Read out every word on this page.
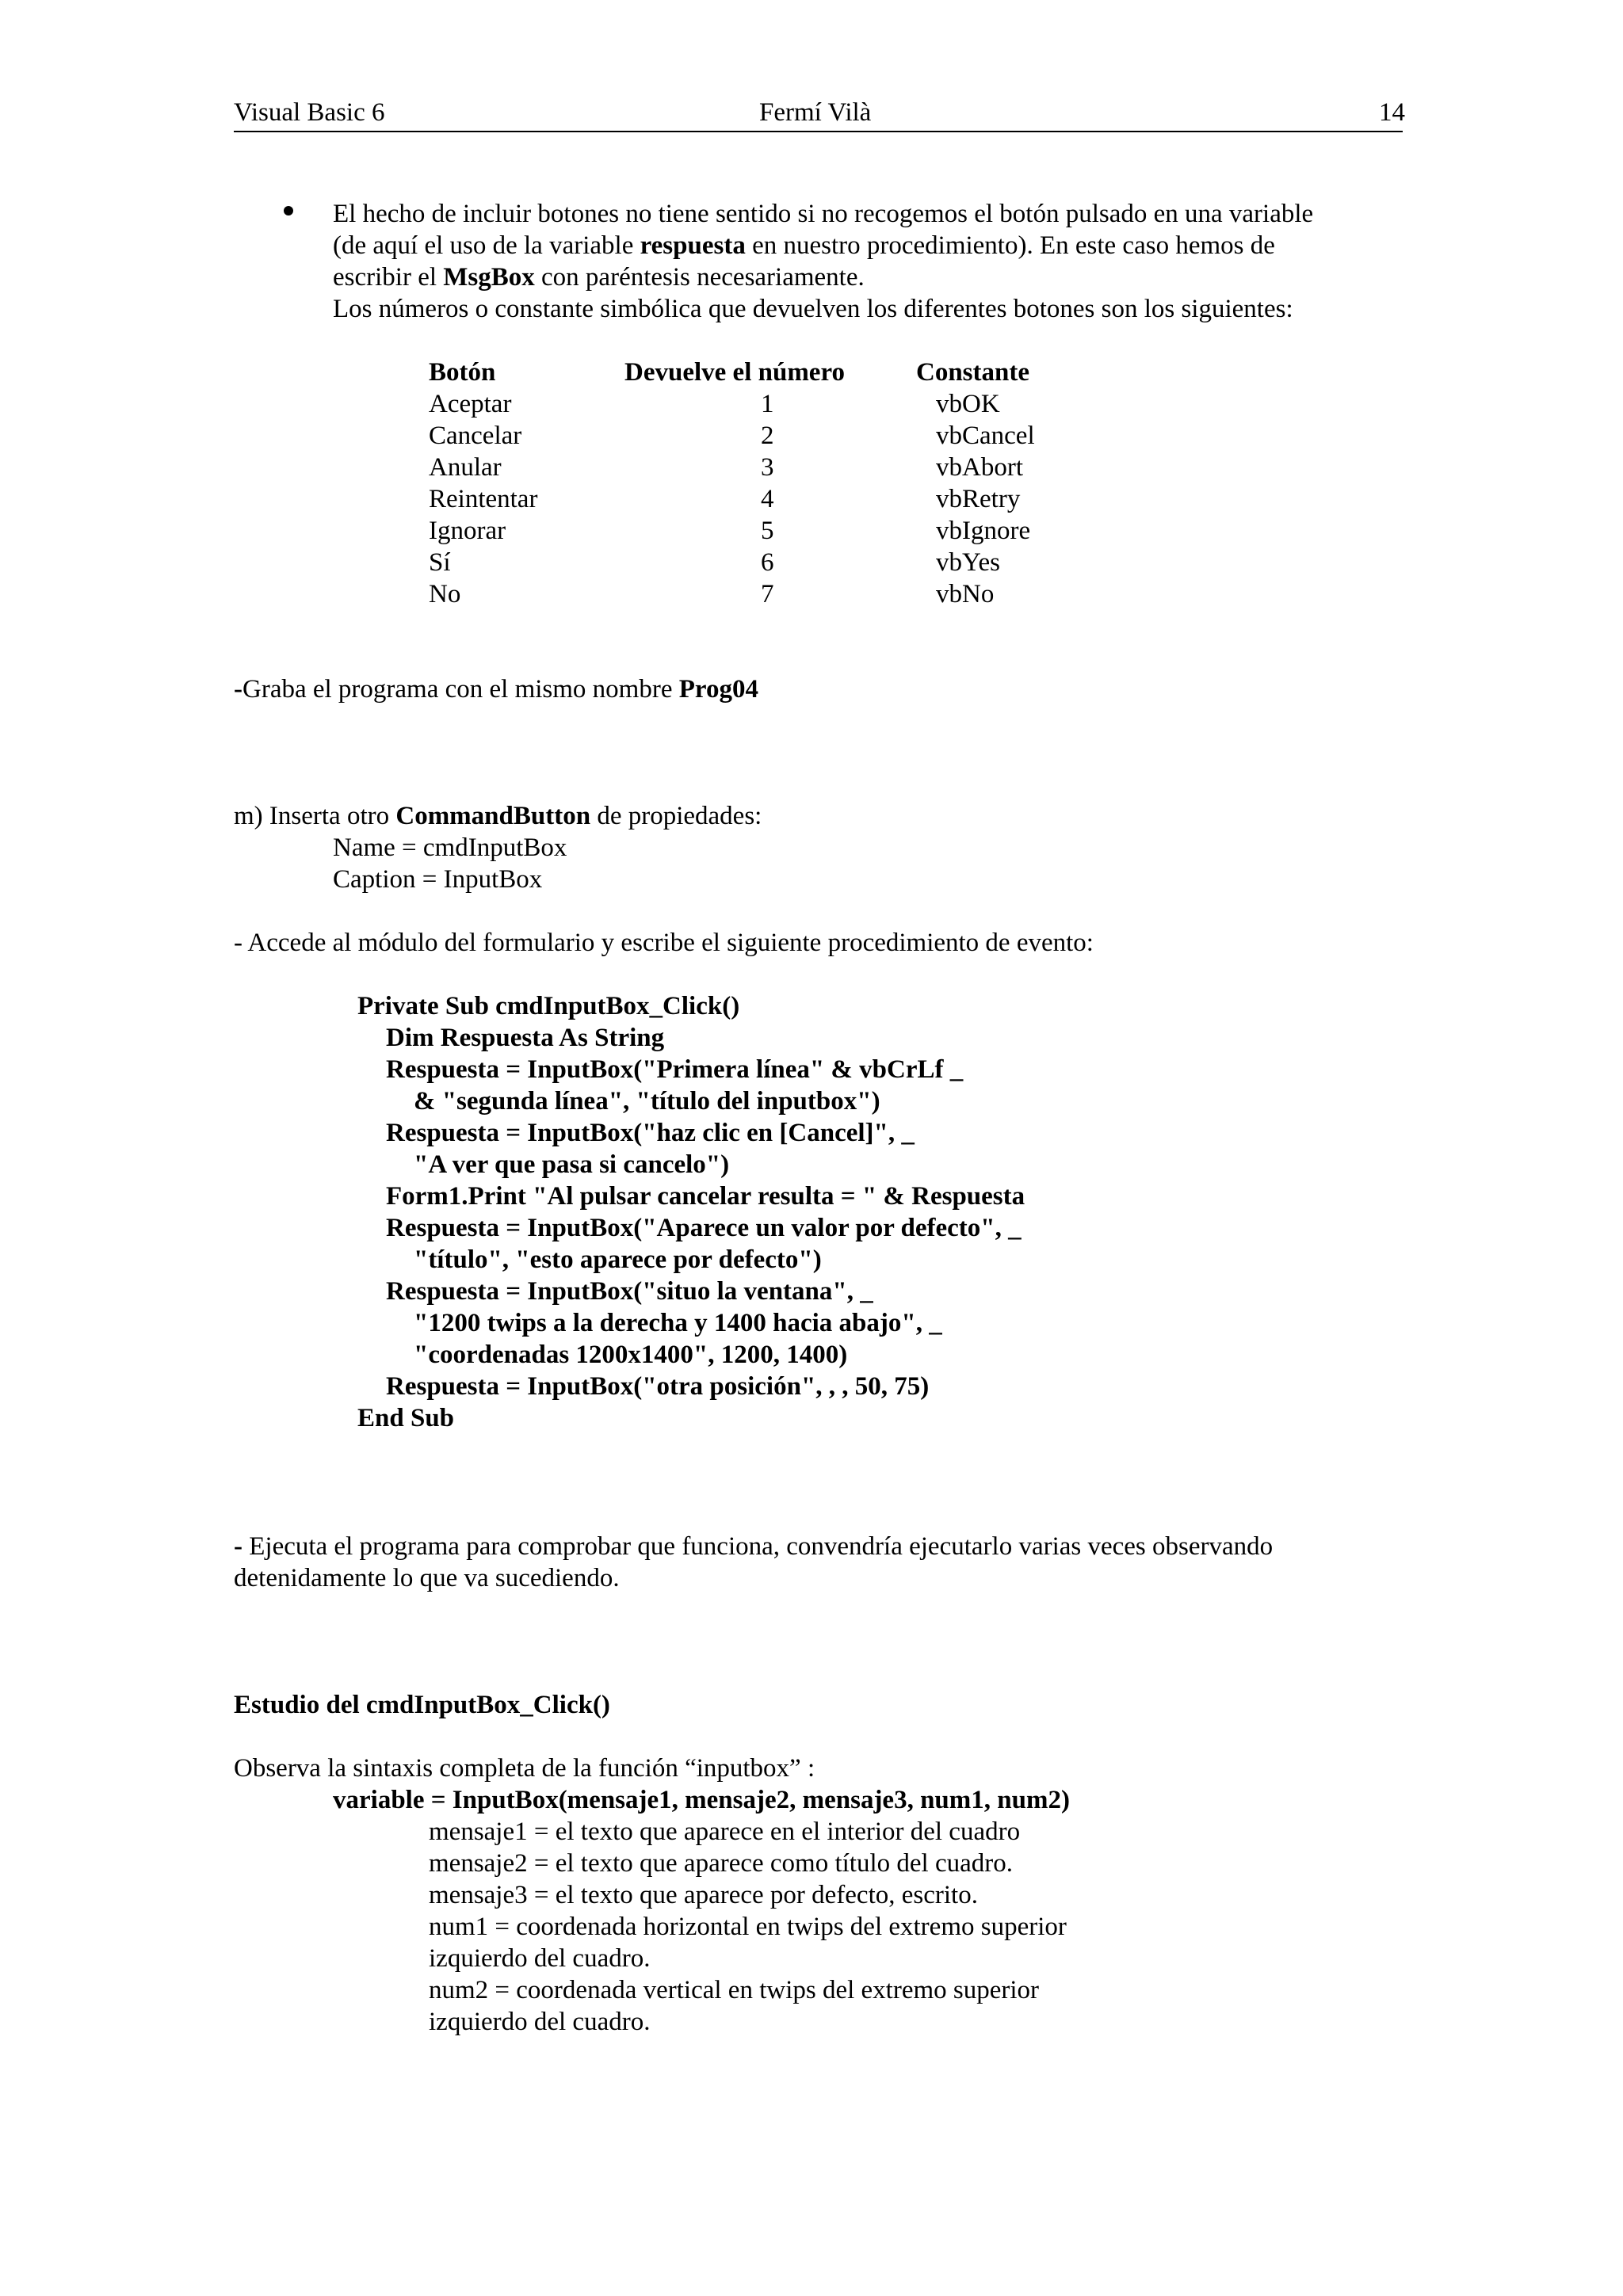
Visual Basic 6	Fermí Vilà	14
El hecho de incluir botones no tiene sentido si no recogemos el botón pulsado en una variable
(de aquí el uso de la variable respuesta en nuestro procedimiento). En este caso hemos de
escribir el MsgBox con paréntesis necesariamente.
Los números o constante simbólica que devuelven los diferentes botones son los siguientes:
Botón	Devuelve el número	Constante
Aceptar	1	vbOK
Cancelar	2	vbCancel
Anular	3	vbAbort
Reintentar	4	vbRetry
Ignorar	5	vbIgnore
Sí	6	vbYes
No	7	vbNo
-Graba el programa con el mismo nombre Prog04
m) Inserta otro CommandButton de propiedades:
Name = cmdInputBox
Caption = InputBox
- Accede al módulo del formulario y escribe el siguiente procedimiento de evento:
Private Sub cmdInputBox_Click()
Dim Respuesta As String
Respuesta = InputBox("Primera línea" & vbCrLf _
& "segunda línea", "título del inputbox")
Respuesta = InputBox("haz clic en [Cancel]", _
"A ver que pasa si cancelo")
Form1.Print "Al pulsar cancelar resulta = " & Respuesta
Respuesta = InputBox("Aparece un valor por defecto", _
"título", "esto aparece por defecto")
Respuesta = InputBox("situo la ventana", _
"1200 twips a la derecha y 1400 hacia abajo", _
"coordenadas 1200x1400", 1200, 1400)
Respuesta = InputBox("otra posición", , , 50, 75)
End Sub
- Ejecuta el programa para comprobar que funciona, convendría ejecutarlo varias veces observando
detenidamente lo que va sucediendo.
Estudio del cmdInputBox_Click()
Observa la sintaxis completa de la función “inputbox” :
variable = InputBox(mensaje1, mensaje2, mensaje3, num1, num2)
mensaje1 = el texto que aparece en el interior del cuadro
mensaje2 = el texto que aparece como título del cuadro.
mensaje3 = el texto que aparece por defecto, escrito.
num1 = coordenada horizontal en twips del extremo superior
izquierdo del cuadro.
num2 = coordenada vertical en twips del extremo superior
izquierdo del cuadro.
